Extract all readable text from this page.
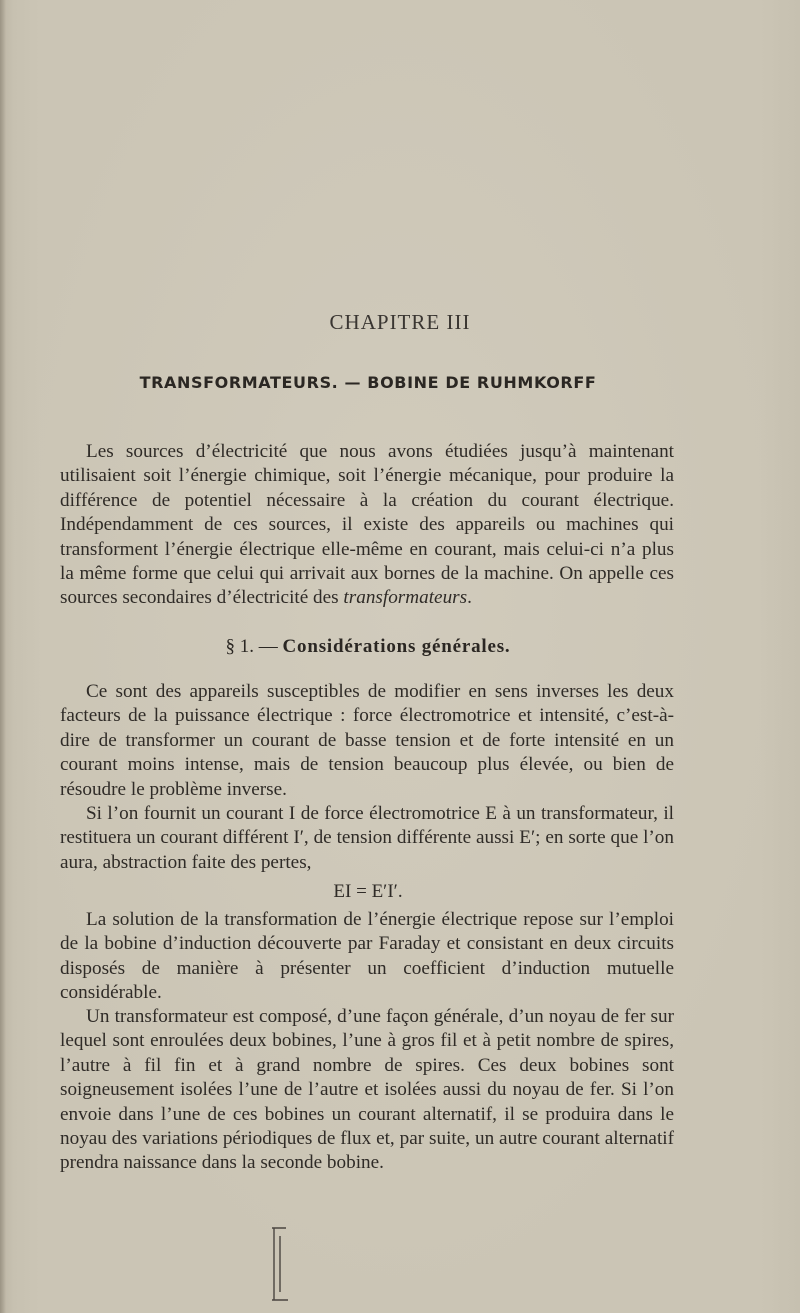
CHAPITRE III
TRANSFORMATEURS. — BOBINE DE RUHMKORFF

Les sources d’électricité que nous avons étudiées jusqu’à maintenant utilisaient soit l’énergie chimique, soit l’énergie mécanique, pour produire la différence de potentiel nécessaire à la création du courant électrique. Indépendamment de ces sources, il existe des appareils ou machines qui transforment l’énergie électrique elle-même en courant, mais celui-ci n’a plus la même forme que celui qui arrivait aux bornes de la machine. On appelle ces sources secondaires d’électricité des transformateurs.

§ 1. — Considérations générales.

Ce sont des appareils susceptibles de modifier en sens inverses les deux facteurs de la puissance électrique : force électromotrice et intensité, c’est-à-dire de transformer un courant de basse tension et de forte intensité en un courant moins intense, mais de tension beaucoup plus élevée, ou bien de résoudre le problème inverse.

Si l’on fournit un courant I de force électromotrice E à un transformateur, il restituera un courant différent I′, de tension différente aussi E′; en sorte que l’on aura, abstraction faite des pertes,

EI = E′I′.

La solution de la transformation de l’énergie électrique repose sur l’emploi de la bobine d’induction découverte par Faraday et consistant en deux circuits disposés de manière à présenter un coefficient d’induction mutuelle considérable.

Un transformateur est composé, d’une façon générale, d’un noyau de fer sur lequel sont enroulées deux bobines, l’une à gros fil et à petit nombre de spires, l’autre à fil fin et à grand nombre de spires. Ces deux bobines sont soigneusement isolées l’une de l’autre et isolées aussi du noyau de fer. Si l’on envoie dans l’une de ces bobines un courant alternatif, il se produira dans le noyau des variations périodiques de flux et, par suite, un autre courant alternatif prendra naissance dans la seconde bobine.
